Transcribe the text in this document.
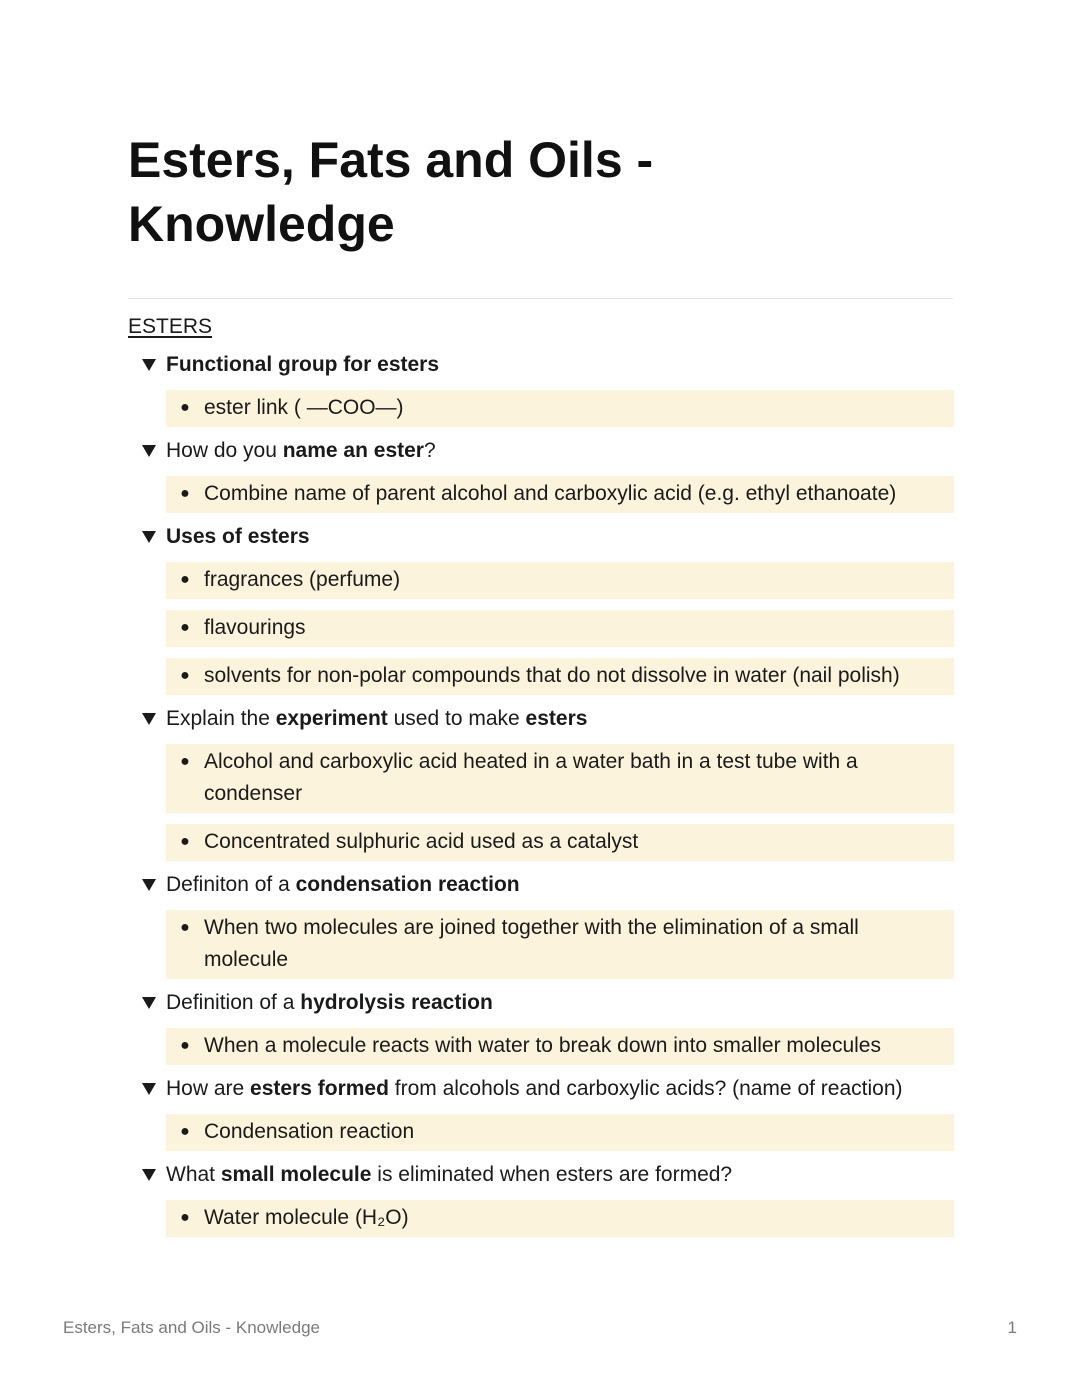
Esters, Fats and Oils -
Knowledge
ESTERS
Functional group for esters
● ester link ( —COO—)
How do you name an ester?
● Combine name of parent alcohol and carboxylic acid (e.g. ethyl ethanoate)
Uses of esters
● fragrances (perfume)
● flavourings
● solvents for non-polar compounds that do not dissolve in water (nail polish)
Explain the experiment used to make esters
● Alcohol and carboxylic acid heated in a water bath in a test tube with a condenser
● Concentrated sulphuric acid used as a catalyst
Definiton of a condensation reaction
● When two molecules are joined together with the elimination of a small molecule
Definition of a hydrolysis reaction
● When a molecule reacts with water to break down into smaller molecules
How are esters formed from alcohols and carboxylic acids? (name of reaction)
● Condensation reaction
What small molecule is eliminated when esters are formed?
● Water molecule (H₂O)
Esters, Fats and Oils - Knowledge	1
